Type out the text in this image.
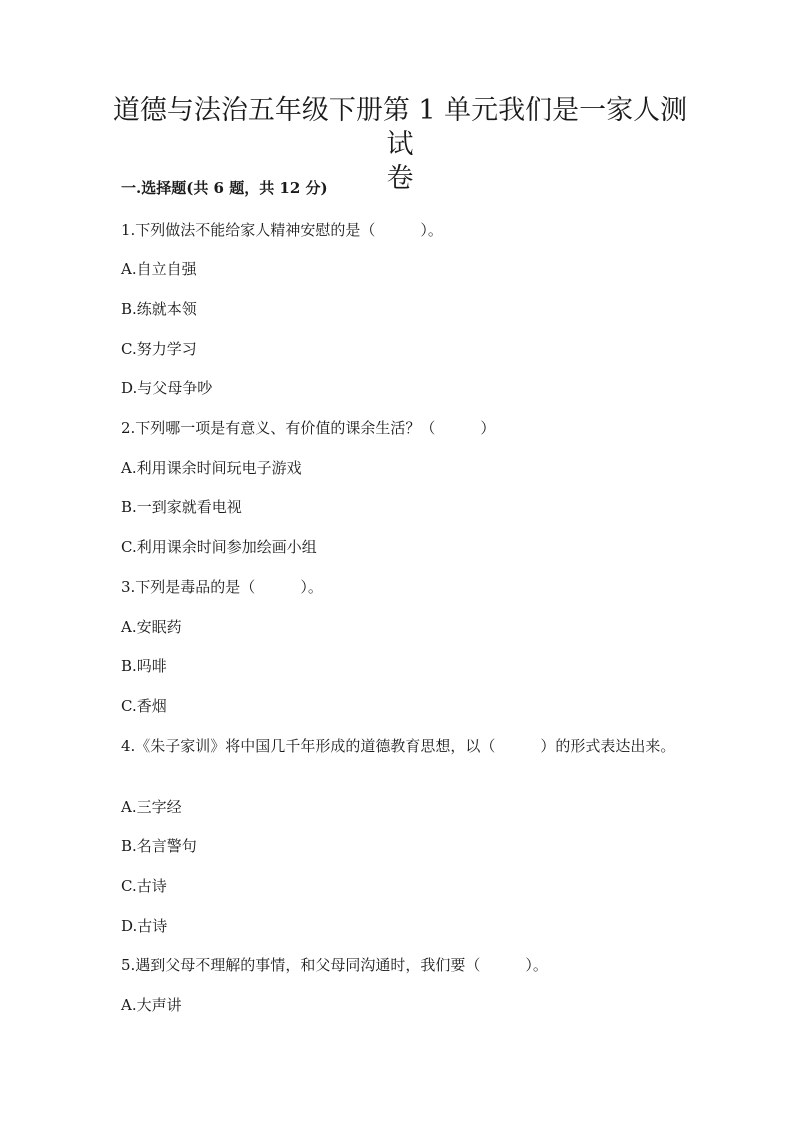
道德与法治五年级下册第 1 单元我们是一家人测试
卷

一.选择题(共 6 题，共 12 分)

1.下列做法不能给家人精神安慰的是（　　　）。

A.自立自强

B.练就本领

C.努力学习

D.与父母争吵

2.下列哪一项是有意义、有价值的课余生活？（　　　）

A.利用课余时间玩电子游戏

B.一到家就看电视

C.利用课余时间参加绘画小组

3.下列是毒品的是（　　　）。

A.安眠药

B.吗啡

C.香烟

4.《朱子家训》将中国几千年形成的道德教育思想，以（　　　）的形式表达出来。

A.三字经

B.名言警句

C.古诗

D.古诗

5.遇到父母不理解的事情，和父母同沟通时，我们要（　　　）。

A.大声讲
